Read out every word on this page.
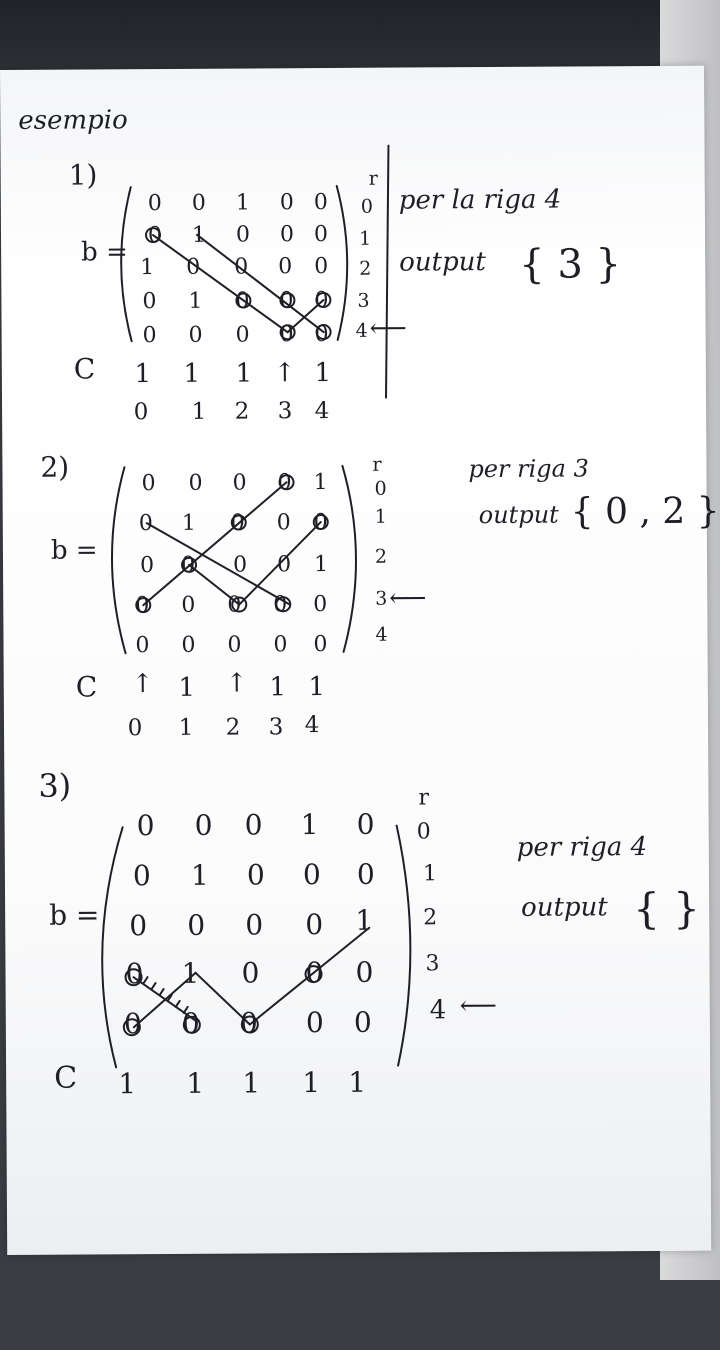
esempio
1)
b =
r
0	0	1	0 0
0	1	0	0 0
1	0	0	0 0
0	1	0	0 0
0	0	0	0 0
0
1
2
3
4 ⟵
C 1 1 1 ↑ 1
0	1	2	3 4
per la riga 4
output { 3 }
2)
b =
r
0	0	0	0 1
0	1	0	0	0
0	0	0	0	1
0	0	0	0	0
0	0	0	0	0
0
1
2
3
4
⟵
C ↑ 1 ↑ 1 1
0	1	2	3 4
per riga 3
output { 0 , 2 }
3)
b =
r
0 0 0 1 0
0 1 0 0 0
0 0 0 0 1
0 1 0 0 0
0 0 0 0 0
0
1
2
3
4 ⟵
C 1 1 1 1 1
per riga 4
output { }
